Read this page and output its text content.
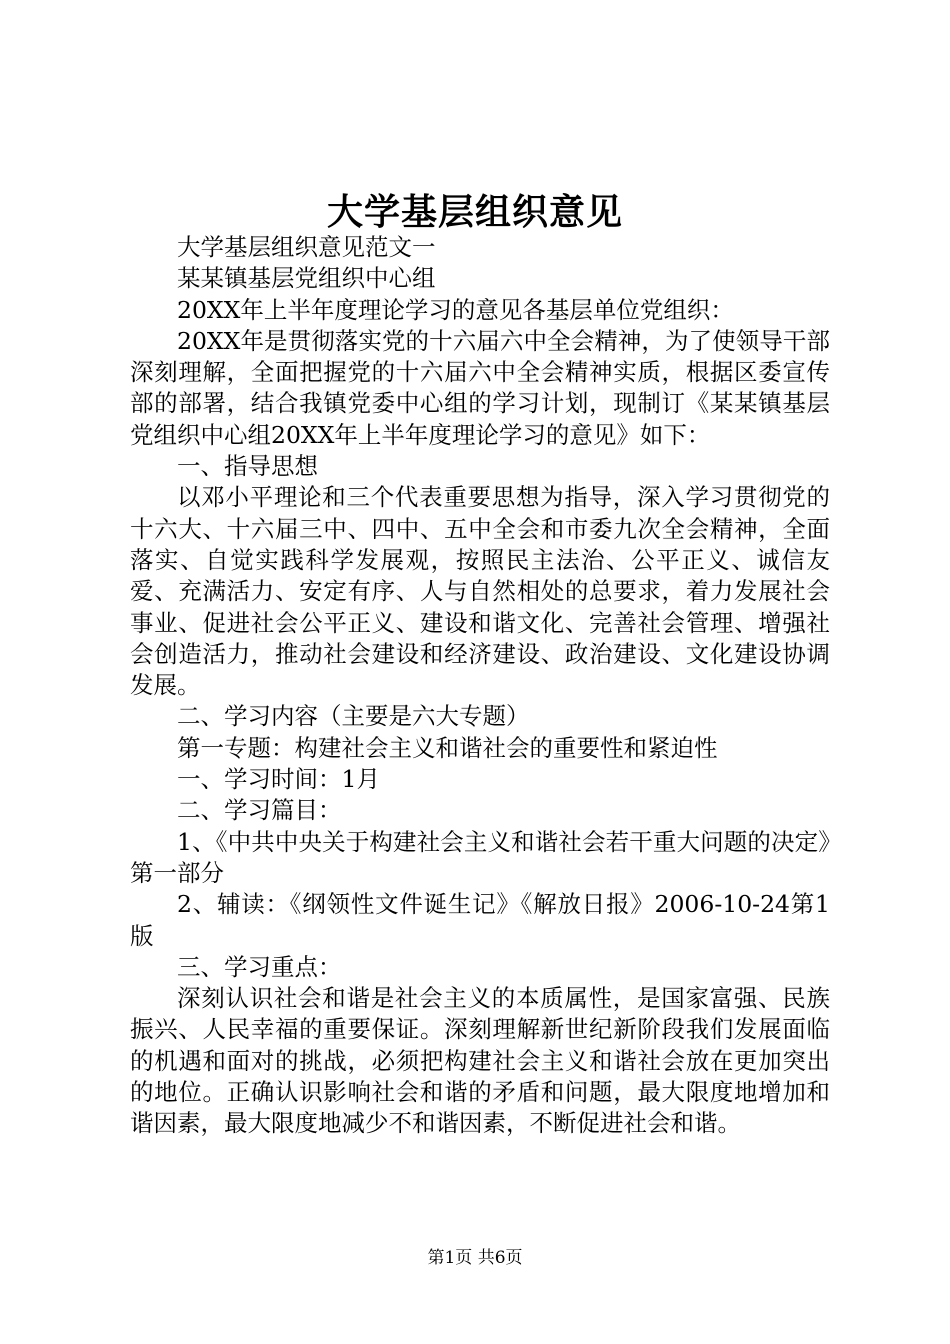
大学基层组织意见

大学基层组织意见范文一

某某镇基层党组织中心组

20XX年上半年度理论学习的意见各基层单位党组织：

20XX年是贯彻落实党的十六届六中全会精神，为了使领导干部深刻理解，全面把握党的十六届六中全会精神实质，根据区委宣传部的部署，结合我镇党委中心组的学习计划，现制订《某某镇基层党组织中心组20XX年上半年度理论学习的意见》如下：

一、指导思想

以邓小平理论和三个代表重要思想为指导，深入学习贯彻党的十六大、十六届三中、四中、五中全会和市委九次全会精神，全面落实、自觉实践科学发展观，按照民主法治、公平正义、诚信友爱、充满活力、安定有序、人与自然相处的总要求，着力发展社会事业、促进社会公平正义、建设和谐文化、完善社会管理、增强社会创造活力，推动社会建设和经济建设、政治建设、文化建设协调发展。

二、学习内容（主要是六大专题）

第一专题：构建社会主义和谐社会的重要性和紧迫性

一、学习时间：1月

二、学习篇目：

1、《中共中央关于构建社会主义和谐社会若干重大问题的决定》第一部分

2、辅读：《纲领性文件诞生记》《解放日报》2006-10-24第1版

三、学习重点：

深刻认识社会和谐是社会主义的本质属性，是国家富强、民族振兴、人民幸福的重要保证。深刻理解新世纪新阶段我们发展面临的机遇和面对的挑战，必须把构建社会主义和谐社会放在更加突出的地位。正确认识影响社会和谐的矛盾和问题，最大限度地增加和谐因素，最大限度地减少不和谐因素，不断促进社会和谐。

第1页 共6页
